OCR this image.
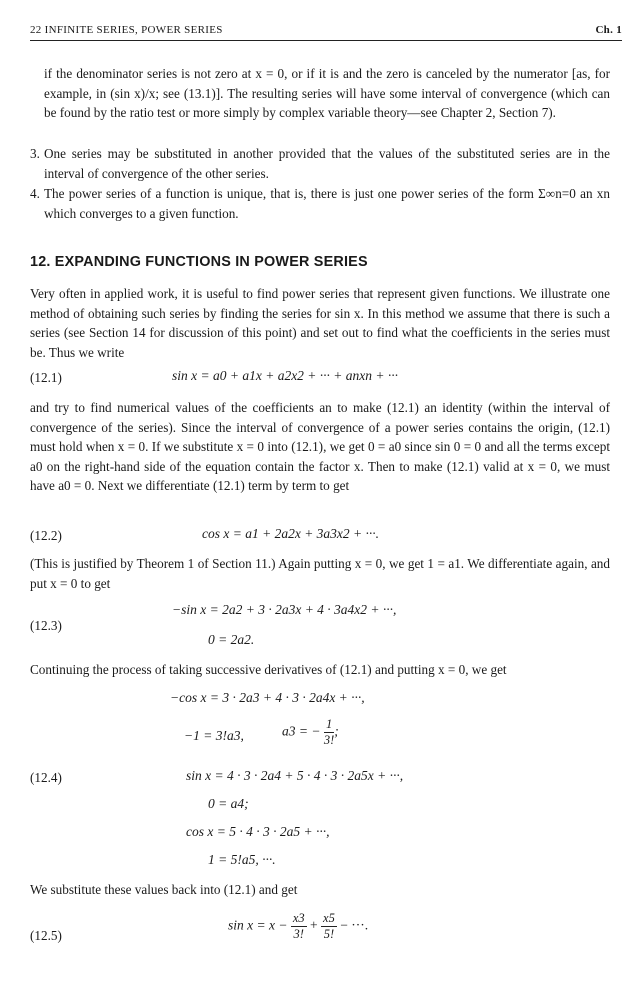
22 INFINITE SERIES, POWER SERIES	Ch. 1
if the denominator series is not zero at x = 0, or if it is and the zero is canceled by the numerator [as, for example, in (sin x)/x; see (13.1)]. The resulting series will have some interval of convergence (which can be found by the ratio test or more simply by complex variable theory—see Chapter 2, Section 7).
3. One series may be substituted in another provided that the values of the substituted series are in the interval of convergence of the other series.
4. The power series of a function is unique, that is, there is just one power series of the form Σ∞n=0 an xn which converges to a given function.
12. EXPANDING FUNCTIONS IN POWER SERIES
Very often in applied work, it is useful to find power series that represent given functions. We illustrate one method of obtaining such series by finding the series for sin x. In this method we assume that there is such a series (see Section 14 for discussion of this point) and set out to find what the coefficients in the series must be. Thus we write
(12.1)	sin x = a0 + a1x + a2x2 + ··· + anxn + ···
and try to find numerical values of the coefficients an to make (12.1) an identity (within the interval of convergence of the series). Since the interval of convergence of a power series contains the origin, (12.1) must hold when x = 0. If we substitute x = 0 into (12.1), we get 0 = a0 since sin 0 = 0 and all the terms except a0 on the right-hand side of the equation contain the factor x. Then to make (12.1) valid at x = 0, we must have a0 = 0. Next we differentiate (12.1) term by term to get
(12.2)	cos x = a1 + 2a2x + 3a3x2 + ···.
(This is justified by Theorem 1 of Section 11.) Again putting x = 0, we get 1 = a1. We differentiate again, and put x = 0 to get
(12.3)
−sin x = 2a2 + 3 · 2a3x + 4 · 3a4x2 + ···,
0 = 2a2.
Continuing the process of taking successive derivatives of (12.1) and putting x = 0, we get
(12.4)
−cos x = 3 · 2a3 + 4 · 3 · 2a4x + ···,
−1 = 3!a3,	a3 = − $\frac{1}{3!}$ ;
sin x = 4 · 3 · 2a4 + 5 · 4 · 3 · 2a5x + ···,
0 = a4;
cos x = 5 · 4 · 3 · 2a5 + ···,
1 = 5!a5, ···.
We substitute these values back into (12.1) and get
(12.5)
$\sin x = x - \frac{x3}{3!} + \frac{x5}{5!}$ − ···.
